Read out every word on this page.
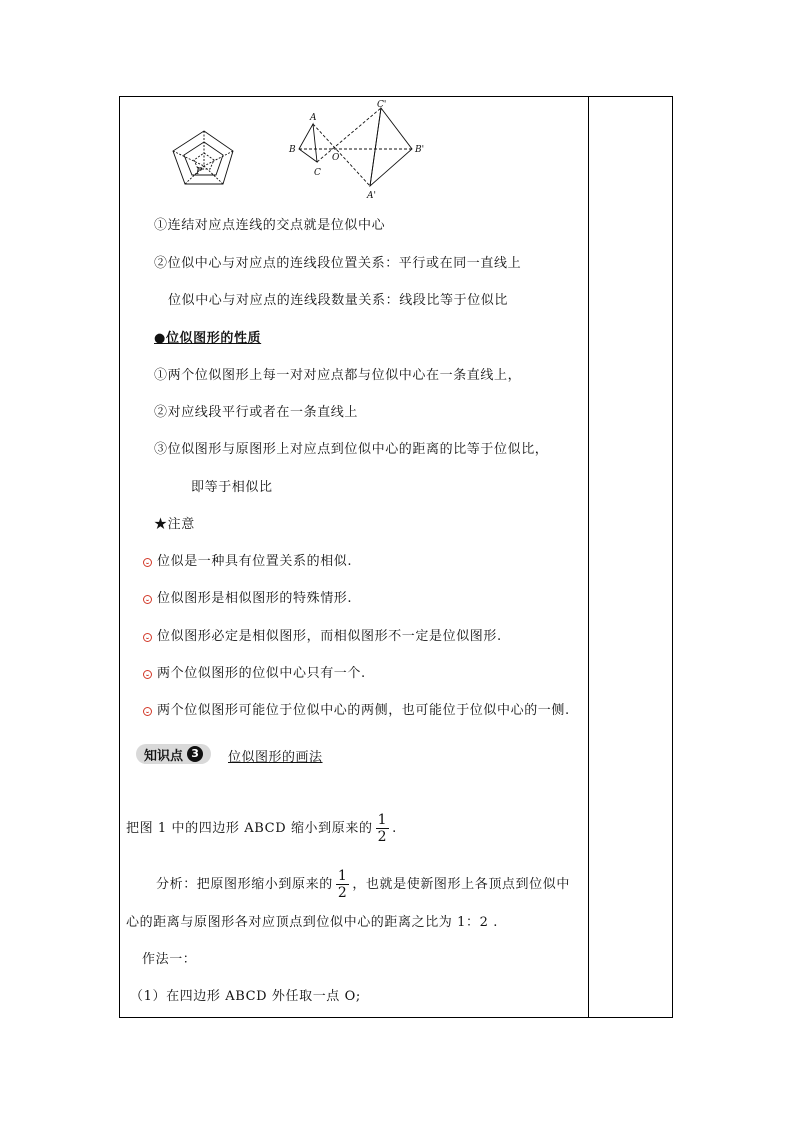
P
A
B
C
O
C'
B'
A'
①连结对应点连线的交点就是位似中心
②位似中心与对应点的连线段位置关系：平行或在同一直线上
位似中心与对应点的连线段数量关系：线段比等于位似比
●位似图形的性质
①两个位似图形上每一对对应点都与位似中心在一条直线上，
②对应线段平行或者在一条直线上
③位似图形与原图形上对应点到位似中心的距离的比等于位似比，
即等于相似比
★注意
位似是一种具有位置关系的相似.
位似图形是相似图形的特殊情形.
位似图形必定是相似图形，而相似图形不一定是位似图形.
两个位似图形的位似中心只有一个.
两个位似图形可能位于位似中心的两侧，也可能位于位似中心的一侧.
知识点 3	位似图形的画法
把图 1 中的四边形 ABCD 缩小到原来的 $\frac{1}{2}$ .
分析：把原图形缩小到原来的 $\frac{1}{2}$ ，也就是使新图形上各顶点到位似中
心的距离与原图形各对应顶点到位似中心的距离之比为 1：2 .
作法一：
（1）在四边形 ABCD 外任取一点 O;
